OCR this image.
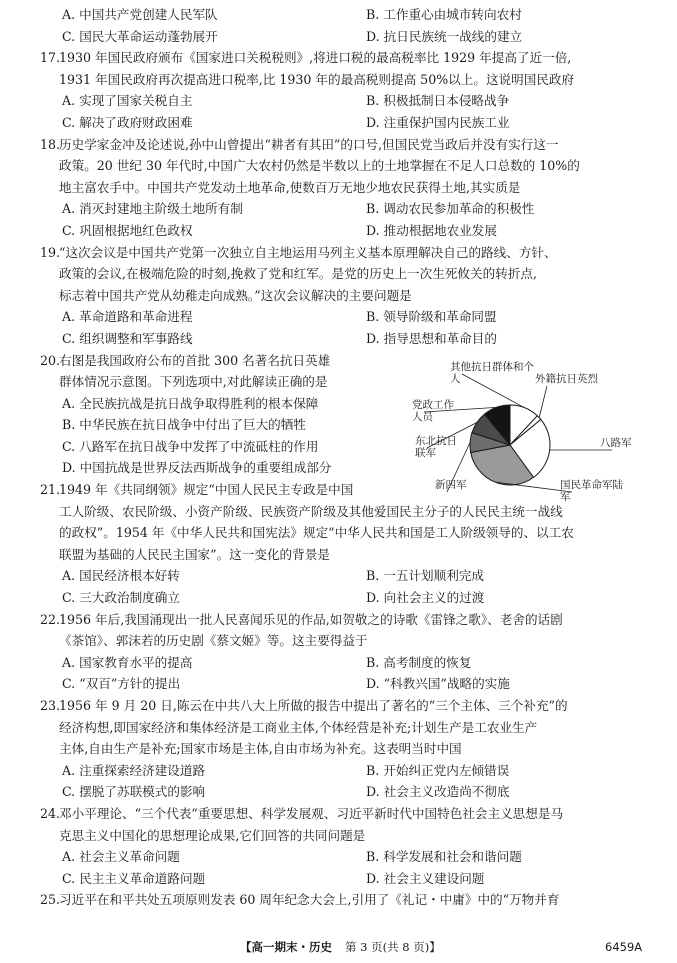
A. 中国共产党创建人民军队	B. 工作重心由城市转向农村
C. 国民大革命运动蓬勃展开	D. 抗日民族统一战线的建立
17.
1930 年国民政府颁布《国家进口关税税则》,将进口税的最高税率比 1929 年提高了近一倍,
1931 年国民政府再次提高进口税率,比 1930 年的最高税则提高 50%以上。这说明国民政府
A. 实现了国家关税自主	B. 积极抵制日本侵略战争
C. 解决了政府财政困难	D. 注重保护国内民族工业
18.
历史学家金冲及论述说,孙中山曾提出“耕者有其田”的口号,但国民党当政后并没有实行这一
政策。20 世纪 30 年代时,中国广大农村仍然是半数以上的土地掌握在不足人口总数的 10%的
地主富农手中。中国共产党发动土地革命,使数百万无地少地农民获得土地,其实质是
A. 消灭封建地主阶级土地所有制	B. 调动农民参加革命的积极性
C. 巩固根据地红色政权	D. 推动根据地农业发展
19.
“这次会议是中国共产党第一次独立自主地运用马列主义基本原理解决自己的路线、方针、
政策的会议,在极端危险的时刻,挽救了党和红军。是党的历史上一次生死攸关的转折点,
标志着中国共产党从幼稚走向成熟。”这次会议解决的主要问题是
A. 革命道路和革命进程	B. 领导阶级和革命同盟
C. 组织调整和军事路线	D. 指导思想和革命目的
20.
右图是我国政府公布的首批 300 名著名抗日英雄
群体情况示意图。下列选项中,对此解读正确的是
A. 全民族抗战是抗日战争取得胜利的根本保障
B. 中华民族在抗日战争中付出了巨大的牺牲
C. 八路军在抗日战争中发挥了中流砥柱的作用
D. 中国抗战是世界反法西斯战争的重要组成部分
21.
1949 年《共同纲领》规定“中国人民民主专政是中国
工人阶级、农民阶级、小资产阶级、民族资产阶级及其他爱国民主分子的人民民主统一战线
的政权”。1954 年《中华人民共和国宪法》规定“中华人民共和国是工人阶级领导的、以工农
联盟为基础的人民民主国家”。这一变化的背景是
A. 国民经济根本好转	B. 一五计划顺利完成
C. 三大政治制度确立	D. 向社会主义的过渡
22.
1956 年后,我国涌现出一批人民喜闻乐见的作品,如贺敬之的诗歌《雷锋之歌》、老舍的话剧
《茶馆》、郭沫若的历史剧《蔡文姬》等。这主要得益于
A. 国家教育水平的提高	B. 高考制度的恢复
C. “双百”方针的提出	D. “科教兴国”战略的实施
23.
1956 年 9 月 20 日,陈云在中共八大上所做的报告中提出了著名的“三个主体、三个补充”的
经济构想,即国家经济和集体经济是工商业主体,个体经营是补充;计划生产是工农业生产
主体,自由生产是补充;国家市场是主体,自由市场为补充。这表明当时中国
A. 注重探索经济建设道路	B. 开始纠正党内左倾错误
C. 摆脱了苏联模式的影响	D. 社会主义改造尚不彻底
24.
邓小平理论、“三个代表”重要思想、科学发展观、习近平新时代中国特色社会主义思想是马
克思主义中国化的思想理论成果,它们回答的共同问题是
A. 社会主义革命问题	B. 科学发展和社会和谐问题
C. 民主主义革命道路问题	D. 社会主义建设问题
25.
习近平在和平共处五项原则发表 60 周年纪念大会上,引用了《礼记・中庸》中的“万物并育
其他抗日群体和个人	外籍抗日英烈
八路军
国民革命军陆军
新四军
东北抗日联军
党政工作人员
【高一期末・历史 第 3 页(共 8 页)】	6459A
